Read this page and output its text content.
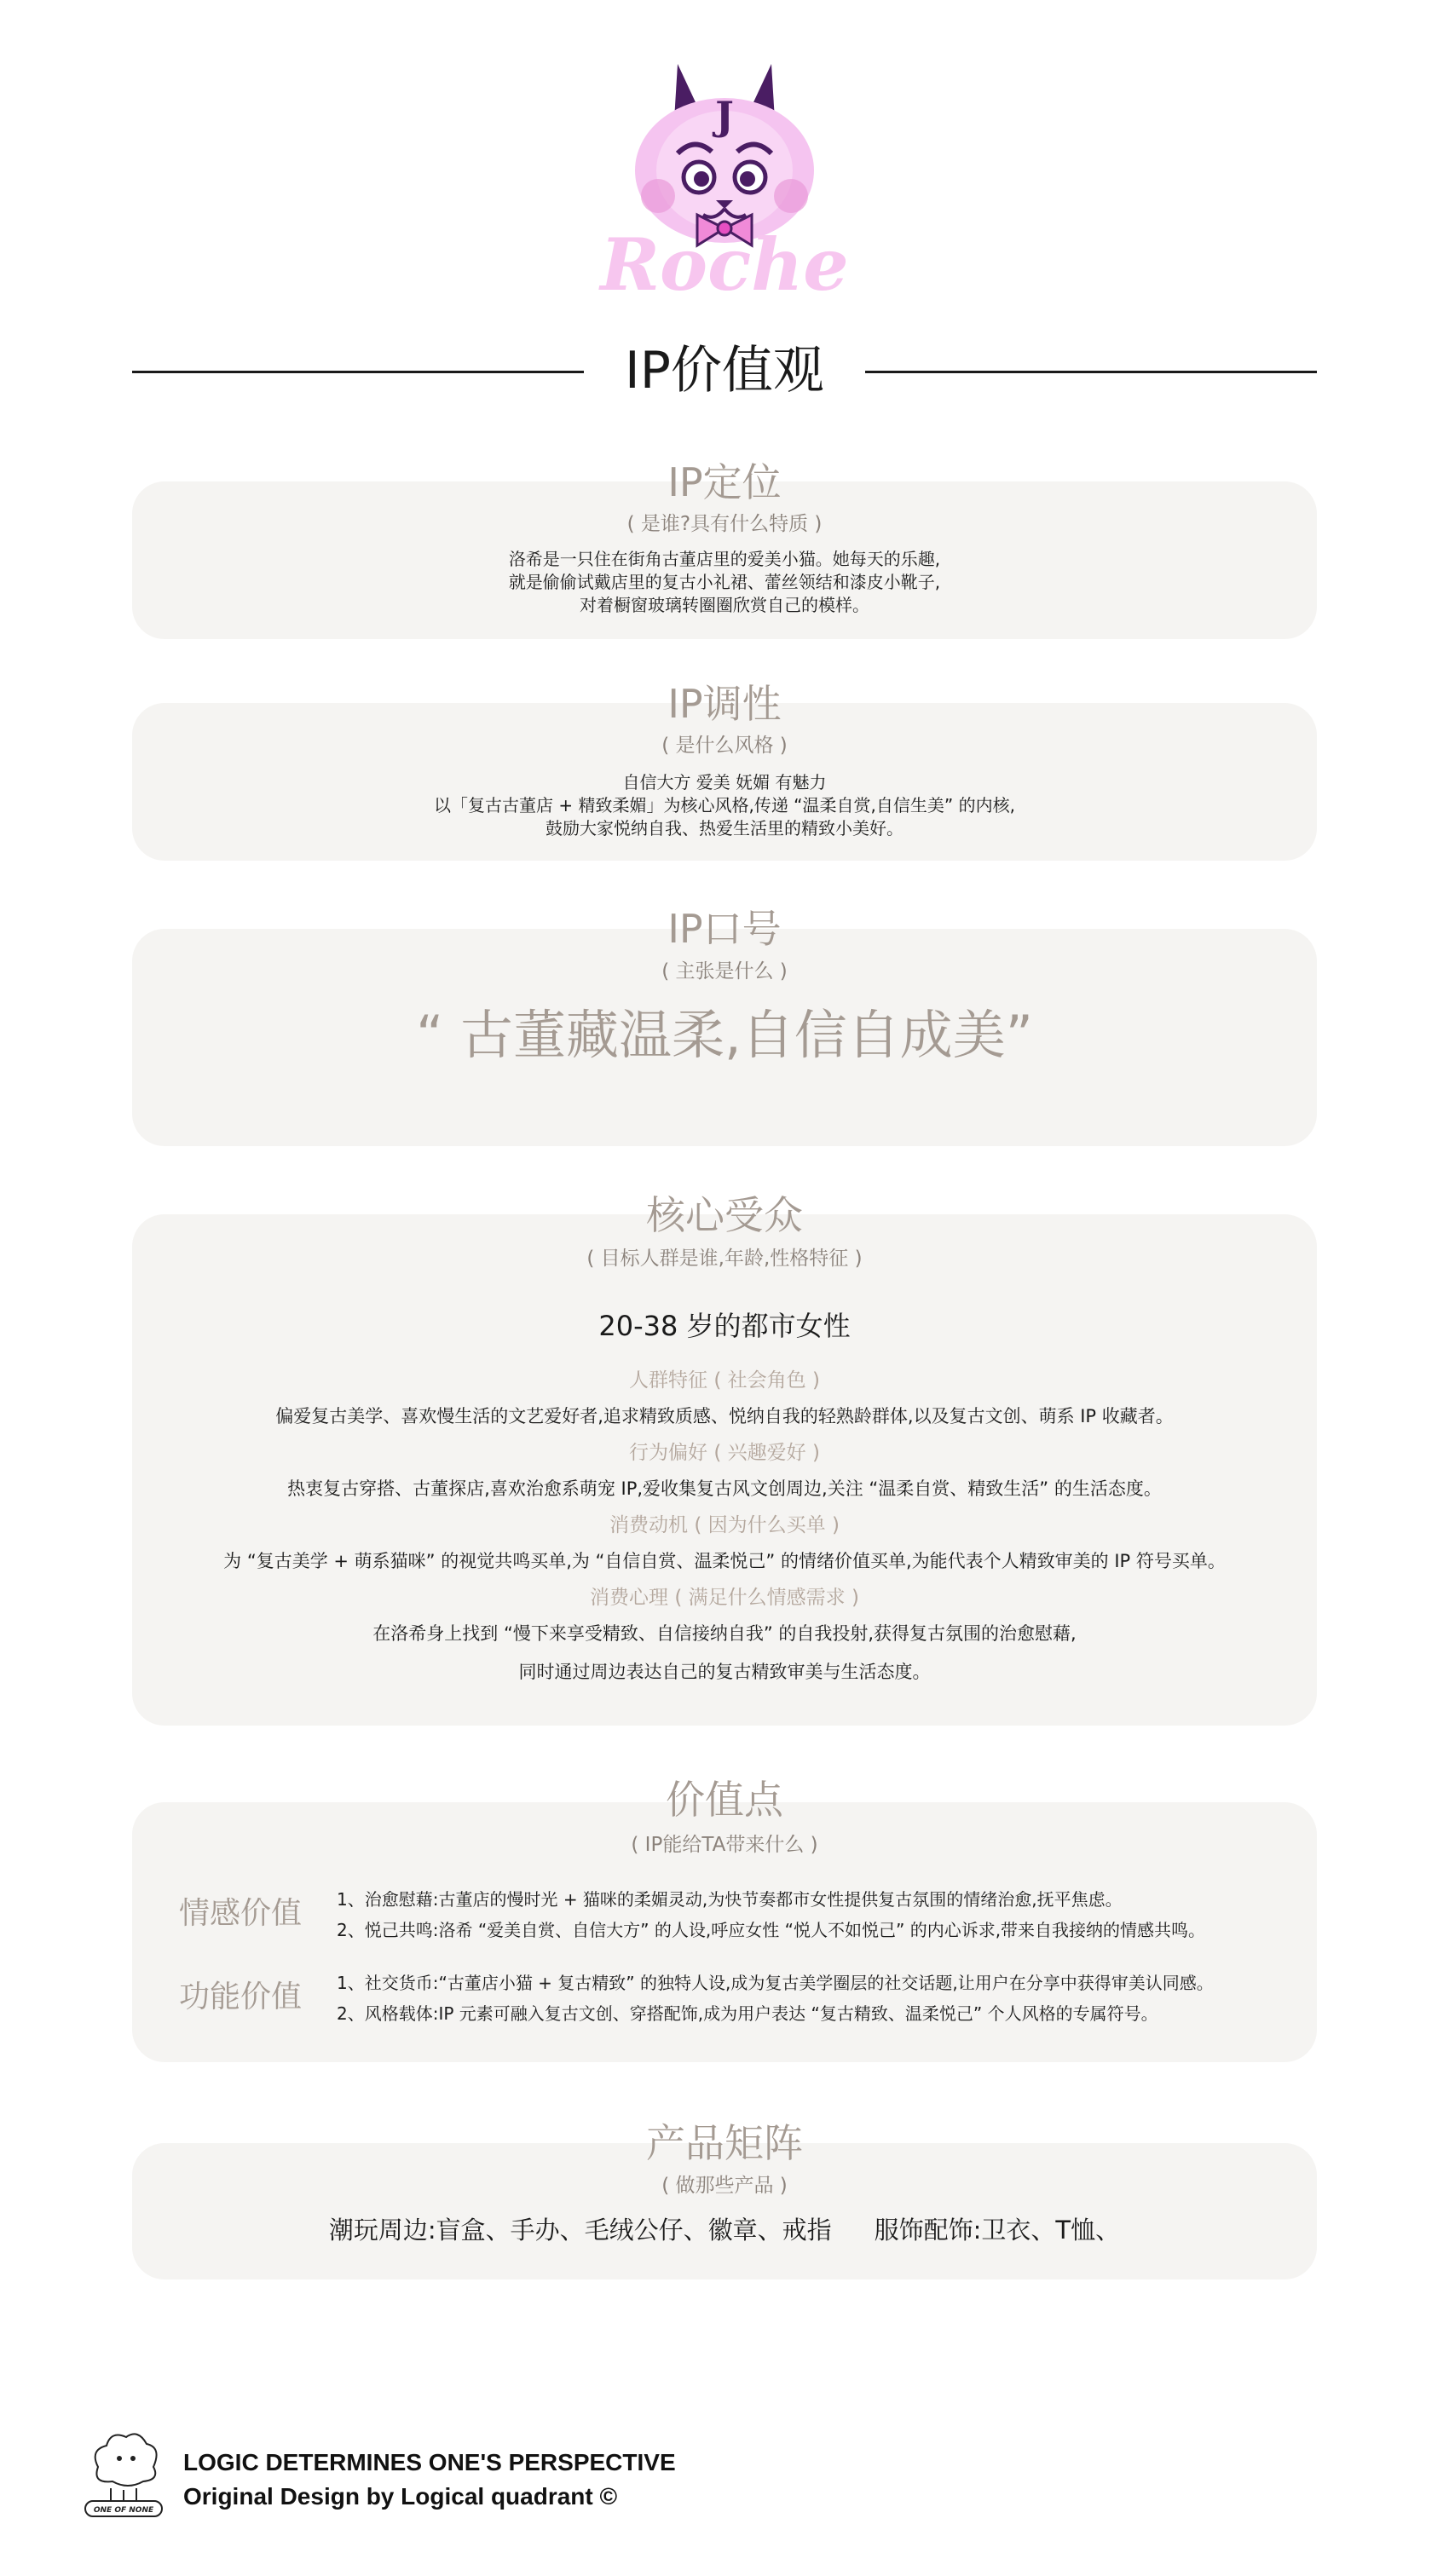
J
Roche
IP价值观
IP定位
( 是谁?具有什么特质 )
洛希是一只住在街角古董店里的爱美小猫。她每天的乐趣,
就是偷偷试戴店里的复古小礼裙、蕾丝领结和漆皮小靴子,
对着橱窗玻璃转圈圈欣赏自己的模样。
IP调性
( 是什么风格 )
自信大方 爱美 妩媚 有魅力
以「复古古董店 + 精致柔媚」为核心风格,传递 “温柔自赏,自信生美” 的内核,
鼓励大家悦纳自我、热爱生活里的精致小美好。
IP口号
( 主张是什么 )
“ 古董藏温柔,自信自成美”
核心受众
( 目标人群是谁,年龄,性格特征 )
20-38 岁的都市女性
人群特征 ( 社会角色 )
偏爱复古美学、喜欢慢生活的文艺爱好者,追求精致质感、悦纳自我的轻熟龄群体,以及复古文创、萌系 IP 收藏者。
行为偏好 ( 兴趣爱好 )
热衷复古穿搭、古董探店,喜欢治愈系萌宠 IP,爱收集复古风文创周边,关注 “温柔自赏、精致生活” 的生活态度。
消费动机 ( 因为什么买单 )
为 “复古美学 + 萌系猫咪” 的视觉共鸣买单,为 “自信自赏、温柔悦己” 的情绪价值买单,为能代表个人精致审美的 IP 符号买单。
消费心理 ( 满足什么情感需求 )
在洛希身上找到 “慢下来享受精致、自信接纳自我” 的自我投射,获得复古氛围的治愈慰藉,
同时通过周边表达自己的复古精致审美与生活态度。
价值点
( IP能给TA带来什么 )
情感价值	1、治愈慰藉:古董店的慢时光 + 猫咪的柔媚灵动,为快节奏都市女性提供复古氛围的情绪治愈,抚平焦虑。
2、悦己共鸣:洛希 “爱美自赏、自信大方” 的人设,呼应女性 “悦人不如悦己” 的内心诉求,带来自我接纳的情感共鸣。
功能价值	1、社交货币:“古董店小猫 + 复古精致” 的独特人设,成为复古美学圈层的社交话题,让用户在分享中获得审美认同感。
2、风格载体:IP 元素可融入复古文创、穿搭配饰,成为用户表达 “复古精致、温柔悦己” 个人风格的专属符号。
产品矩阵
( 做那些产品 )
潮玩周边:盲盒、手办、毛绒公仔、徽章、戒指 服饰配饰:卫衣、T恤、
ONE OF NONE
LOGIC DETERMINES ONE'S PERSPECTIVE
Original Design by Logical quadrant ©
